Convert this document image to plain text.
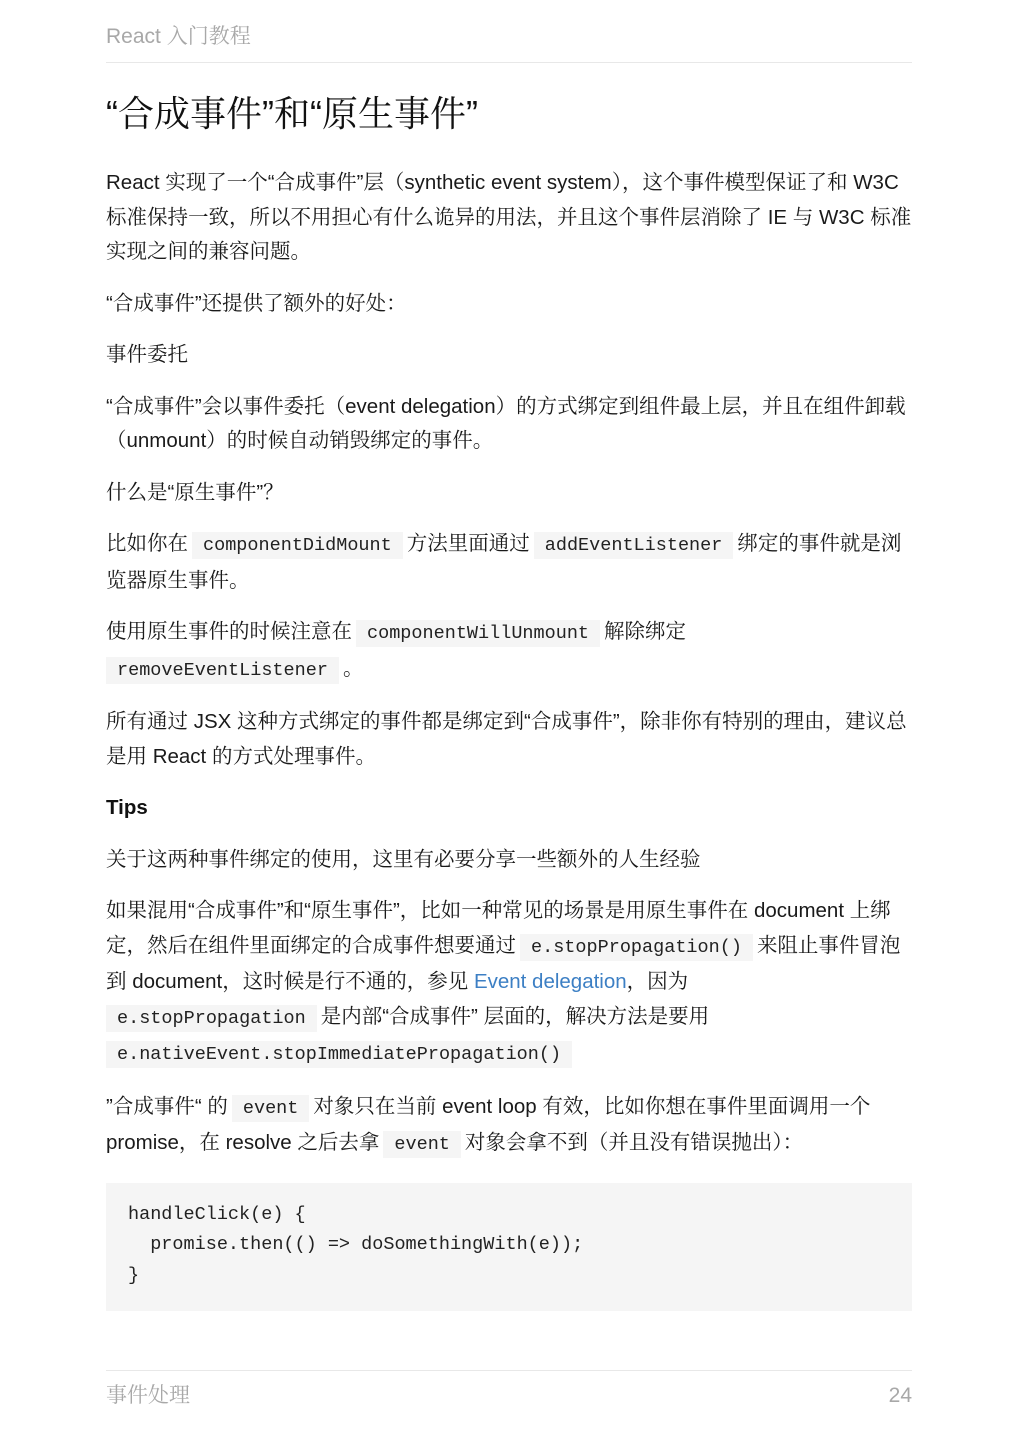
React 入门教程
“合成事件”和“原生事件”

React 实现了一个“合成事件”层（synthetic event system），这个事件模型保证了和 W3C 标准保持一致，所以不用担心有什么诡异的用法，并且这个事件层消除了 IE 与 W3C 标准实现之间的兼容问题。

“合成事件”还提供了额外的好处：

事件委托

“合成事件”会以事件委托（event delegation）的方式绑定到组件最上层，并且在组件卸载（unmount）的时候自动销毁绑定的事件。

什么是“原生事件”？

比如你在 componentDidMount 方法里面通过 addEventListener 绑定的事件就是浏览器原生事件。

使用原生事件的时候注意在 componentWillUnmount 解除绑定
removeEventListener 。

所有通过 JSX 这种方式绑定的事件都是绑定到“合成事件”，除非你有特别的理由，建议总是用 React 的方式处理事件。

Tips

关于这两种事件绑定的使用，这里有必要分享一些额外的人生经验

如果混用“合成事件”和“原生事件”，比如一种常见的场景是用原生事件在 document 上绑定，然后在组件里面绑定的合成事件想要通过 e.stopPropagation() 来阻止事件冒泡到 document，这时候是行不通的，参见 Event delegation，因为
e.stopPropagation 是内部“合成事件” 层面的，解决方法是要用
e.nativeEvent.stopImmediatePropagation()

”合成事件“ 的 event 对象只在当前 event loop 有效，比如你想在事件里面调用一个 promise，在 resolve 之后去拿 event 对象会拿不到（并且没有错误抛出）：

handleClick(e) {
promise.then(() => doSomethingWith(e));
}
事件处理	24
